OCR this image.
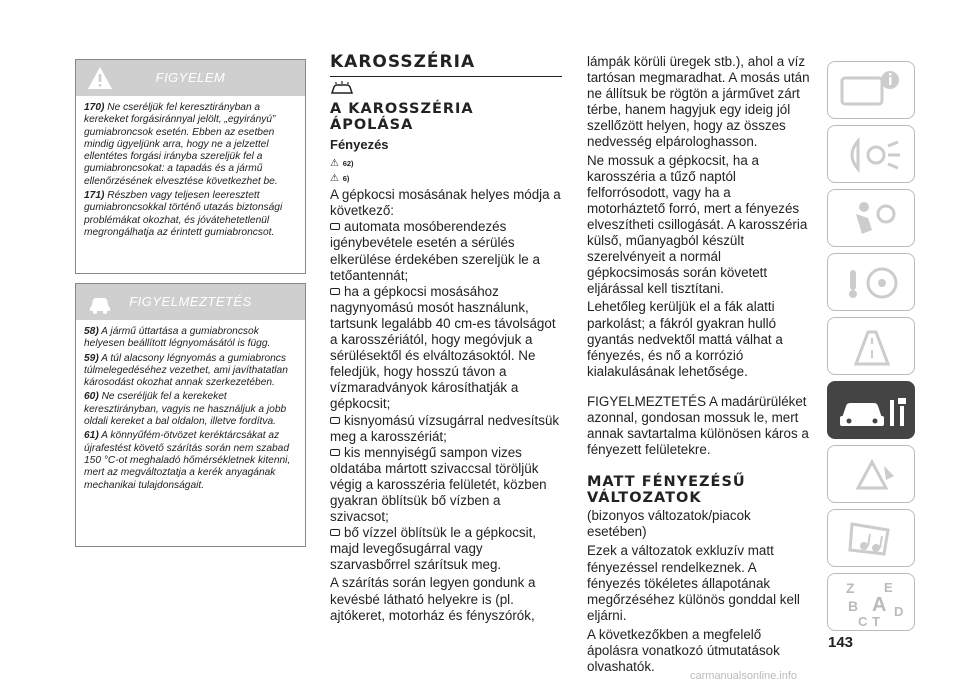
FIGYELEM

170) Ne cseréljük fel keresztirányban a kerekeket forgásiránnyal jelölt, „egyirányú” gumiabroncsok esetén. Ebben az esetben mindig ügyeljünk arra, hogy ne a jelzettel ellentétes forgási irányba szereljük fel a gumiabroncsokat: a tapadás és a jármű ellenőrzésének elvesztése következhet be.

171) Részben vagy teljesen leeresztett gumiabroncsokkal történő utazás biztonsági problémákat okozhat, és jóvátehetetlenül megrongálhatja az érintett gumiabroncsot.

FIGYELMEZTETÉS

58) A jármű úttartása a gumiabroncsok helyesen beállított légnyomásától is függ.

59) A túl alacsony légnyomás a gumiabroncs túlmelegedéséhez vezethet, ami javíthatatlan károsodást okozhat annak szerkezetében.

60) Ne cseréljük fel a kerekeket keresztirányban, vagyis ne használjuk a jobb oldali kereket a bal oldalon, illetve fordítva.

61) A könnyűfém-ötvözet keréktárcsákat az újrafestést követő szárítás során nem szabad 150 °C-ot meghaladó hőmérsékletnek kitenni, mert az megváltoztatja a kerék anyagának mechanikai tulajdonságait.

KAROSSZÉRIA
A KAROSSZÉRIA
ÁPOLÁSA
Fényezés
⚠ 62)
⚠ 6)

A gépkocsi mosásának helyes módja a következő:

automata mosóberendezés igénybevétele esetén a sérülés elkerülése érdekében szereljük le a tetőantennát;

ha a gépkocsi mosásához nagynyomású mosót használunk, tartsunk legalább 40 cm-es távolságot a karosszériától, hogy megóvjuk a sérülésektől és elváltozásoktól. Ne feledjük, hogy hosszú távon a vízmaradványok károsíthatják a gépkocsit;

kisnyomású vízsugárral nedvesítsük meg a karosszériát;

kis mennyiségű sampon vizes oldatába mártott szivaccsal töröljük végig a karosszéria felületét, közben gyakran öblítsük bő vízben a szivacsot;

bő vízzel öblítsük le a gépkocsit, majd levegősugárral vagy szarvasbőrrel szárítsuk meg.

A szárítás során legyen gondunk a kevésbé látható helyekre is (pl. ajtókeret, motorház és fényszórók,

lámpák körüli üregek stb.), ahol a víz tartósan megmaradhat. A mosás után ne állítsuk be rögtön a járművet zárt térbe, hanem hagyjuk egy ideig jól szellőzött helyen, hogy az összes nedvesség elpárologhasson.

Ne mossuk a gépkocsit, ha a karosszéria a tűző naptól felforrósodott, vagy ha a motorháztető forró, mert a fényezés elveszítheti csillogását. A karosszéria külső, műanyagból készült szerelvényeit a normál gépkocsimosás során követett eljárással kell tisztítani.

Lehetőleg kerüljük el a fák alatti parkolást; a fákról gyakran hulló gyantás nedvektől mattá válhat a fényezés, és nő a korrózió kialakulásának lehetősége.

FIGYELMEZTETÉS A madárürüléket azonnal, gondosan mossuk le, mert annak savtartalma különösen káros a fényezett felületekre.

MATT FÉNYEZÉSŰ
VÁLTOZATOK

(bizonyos változatok/piacok esetében)

Ezek a változatok exkluzív matt fényezéssel rendelkeznek. A fényezés tökéletes állapotának megőrzéséhez különös gonddal kell eljárni.

A következőkben a megfelelő ápolásra vonatkozó útmutatások olvashatók.

Z E
B A
C T
D
143
carmanualsonline.info
